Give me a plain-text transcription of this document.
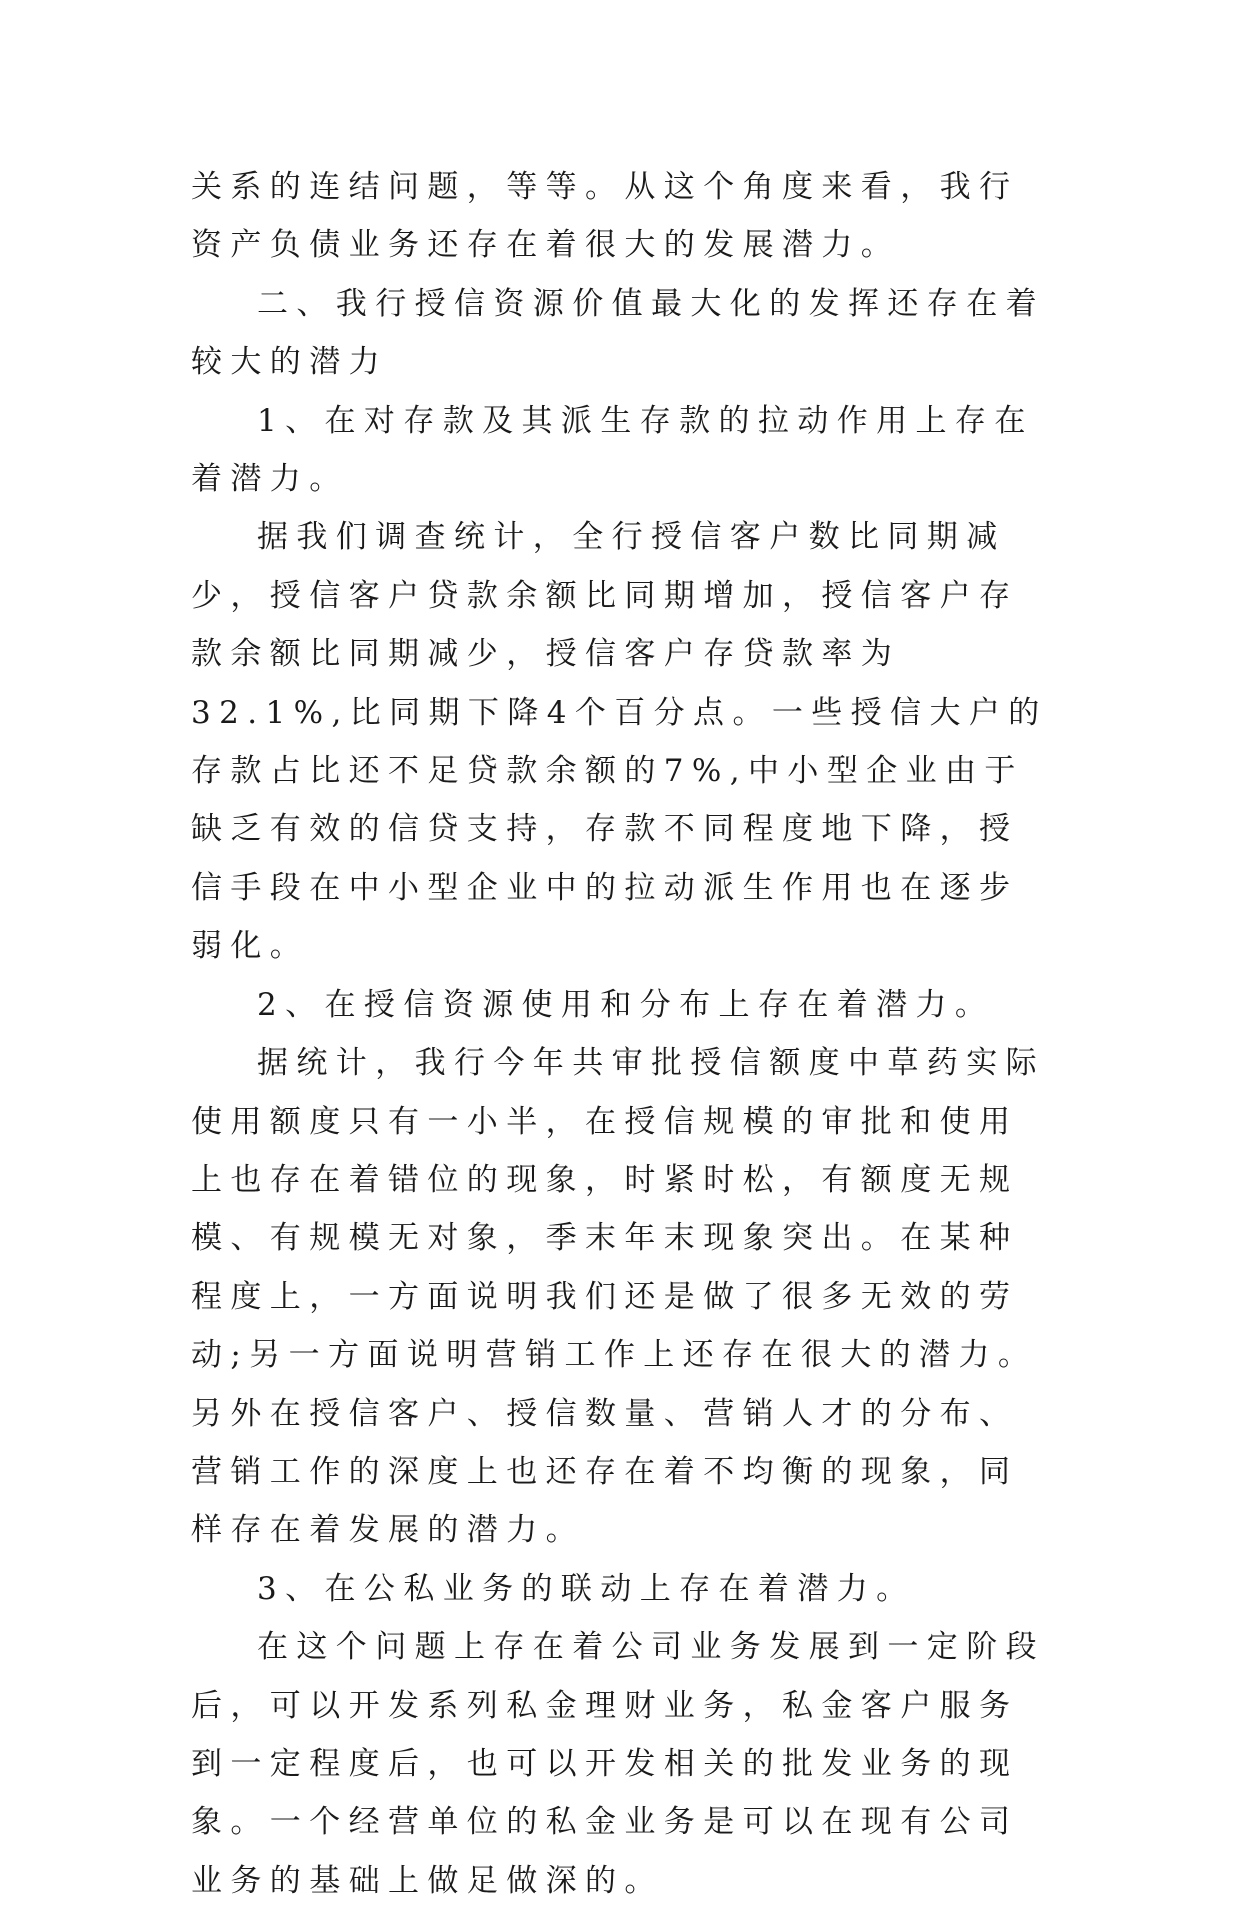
关系的连结问题，等等。从这个角度来看，我行资产负债业务还存在着很大的发展潜力。

二、我行授信资源价值最大化的发挥还存在着较大的潜力

1、在对存款及其派生存款的拉动作用上存在着潜力。

据我们调查统计，全行授信客户数比同期减少，授信客户贷款余额比同期增加，授信客户存款余额比同期减少，授信客户存贷款率为32.1%,比同期下降4个百分点。一些授信大户的存款占比还不足贷款余额的7%,中小型企业由于缺乏有效的信贷支持，存款不同程度地下降，授信手段在中小型企业中的拉动派生作用也在逐步弱化。

2、在授信资源使用和分布上存在着潜力。

据统计，我行今年共审批授信额度中草药实际使用额度只有一小半，在授信规模的审批和使用上也存在着错位的现象，时紧时松，有额度无规模、有规模无对象，季末年末现象突出。在某种程度上，一方面说明我们还是做了很多无效的劳动;另一方面说明营销工作上还存在很大的潜力。另外在授信客户、授信数量、营销人才的分布、营销工作的深度上也还存在着不均衡的现象，同样存在着发展的潜力。

3、在公私业务的联动上存在着潜力。

在这个问题上存在着公司业务发展到一定阶段后，可以开发系列私金理财业务，私金客户服务到一定程度后，也可以开发相关的批发业务的现象。一个经营单位的私金业务是可以在现有公司业务的基础上做足做深的。
